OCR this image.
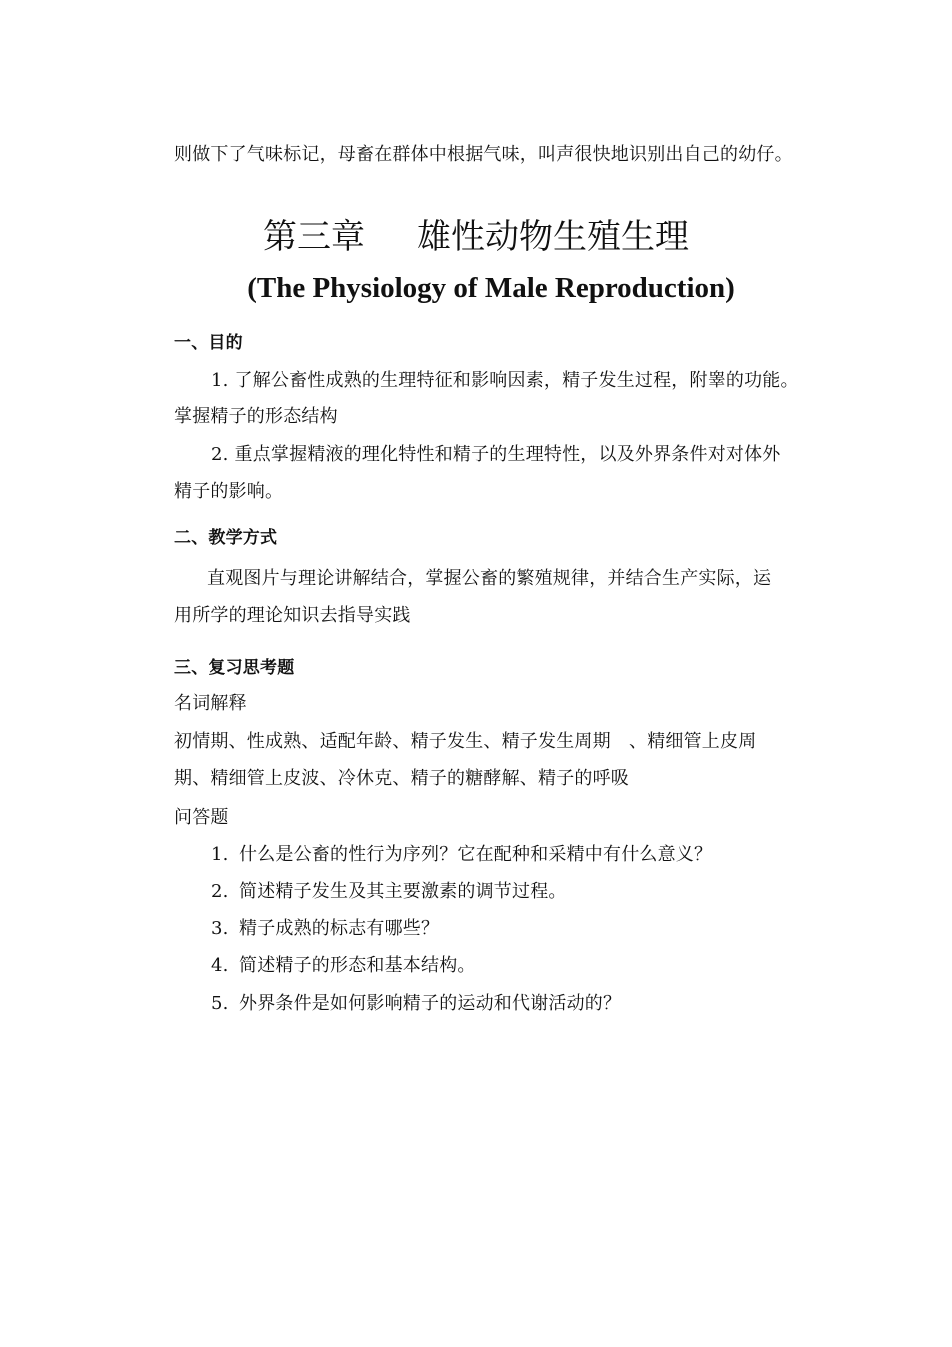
则做下了气味标记，母畜在群体中根据气味，叫声很快地识别出自己的幼仔。
第三章 雄性动物生殖生理
(The Physiology of Male Reproduction)
一、目的
1. 了解公畜性成熟的生理特征和影响因素，精子发生过程，附睾的功能。
掌握精子的形态结构
2. 重点掌握精液的理化特性和精子的生理特性，以及外界条件对对体外
精子的影响。
二、教学方式
直观图片与理论讲解结合，掌握公畜的繁殖规律，并结合生产实际，运
用所学的理论知识去指导实践
三、复习思考题
名词解释
初情期、性成熟、适配年龄、精子发生、精子发生周期　、精细管上皮周
期、精细管上皮波、冷休克、精子的糖酵解、精子的呼吸
问答题
1. 什么是公畜的性行为序列？它在配种和采精中有什么意义？
2. 简述精子发生及其主要激素的调节过程。
3. 精子成熟的标志有哪些？
4. 简述精子的形态和基本结构。
5. 外界条件是如何影响精子的运动和代谢活动的？
